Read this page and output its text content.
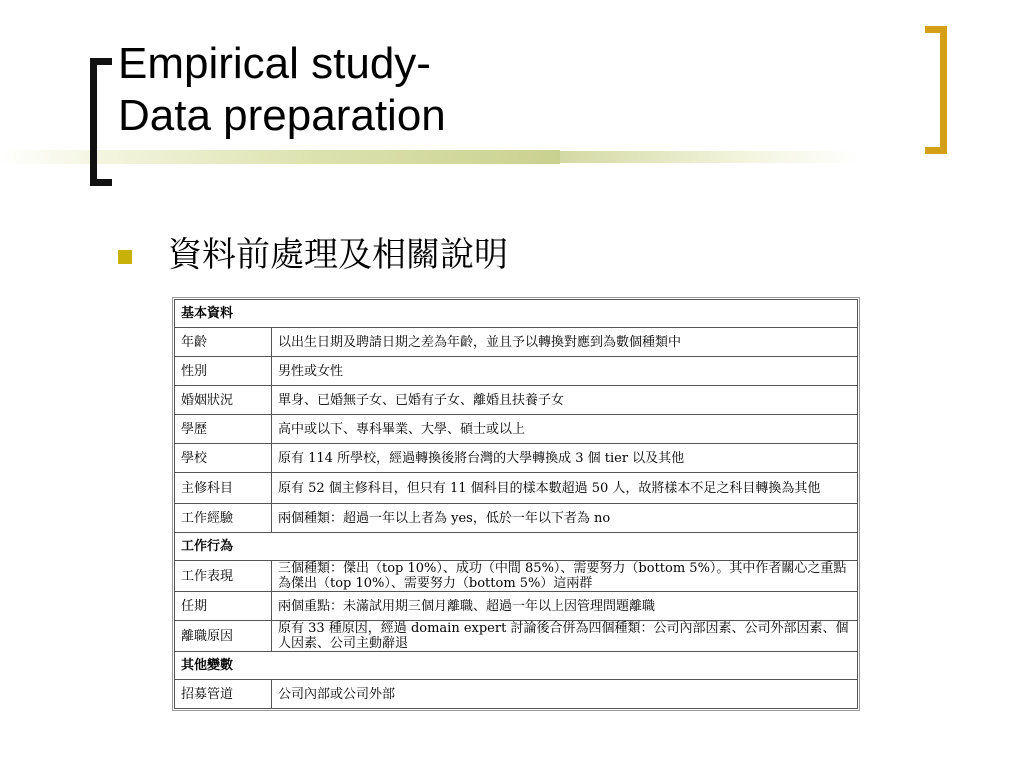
Empirical study-
Data preparation
資料前處理及相關說明
基本資料	
年齡	以出生日期及聘請日期之差為年齡，並且予以轉換對應到為數個種類中
性別	男性或女性
婚姻狀況	單身、已婚無子女、已婚有子女、離婚且扶養子女
學歷	高中或以下、專科畢業、大學、碩士或以上
學校	原有 114 所學校，經過轉換後將台灣的大學轉換成 3 個 tier 以及其他
主修科目	原有 52 個主修科目，但只有 11 個科目的樣本數超過 50 人，故將樣本不足之科目轉換為其他
工作經驗	兩個種類：超過一年以上者為 yes，低於一年以下者為 no
工作行為	
工作表現	三個種類：傑出（top 10%）、成功（中間 85%）、需要努力（bottom 5%）。其中作者關心之重點為傑出（top 10%）、需要努力（bottom 5%）這兩群
任期	兩個重點：未滿試用期三個月離職、超過一年以上因管理問題離職
離職原因	原有 33 種原因，經過 domain expert 討論後合併為四個種類：公司內部因素、公司外部因素、個人因素、公司主動辭退
其他變數	
招募管道	公司內部或公司外部
